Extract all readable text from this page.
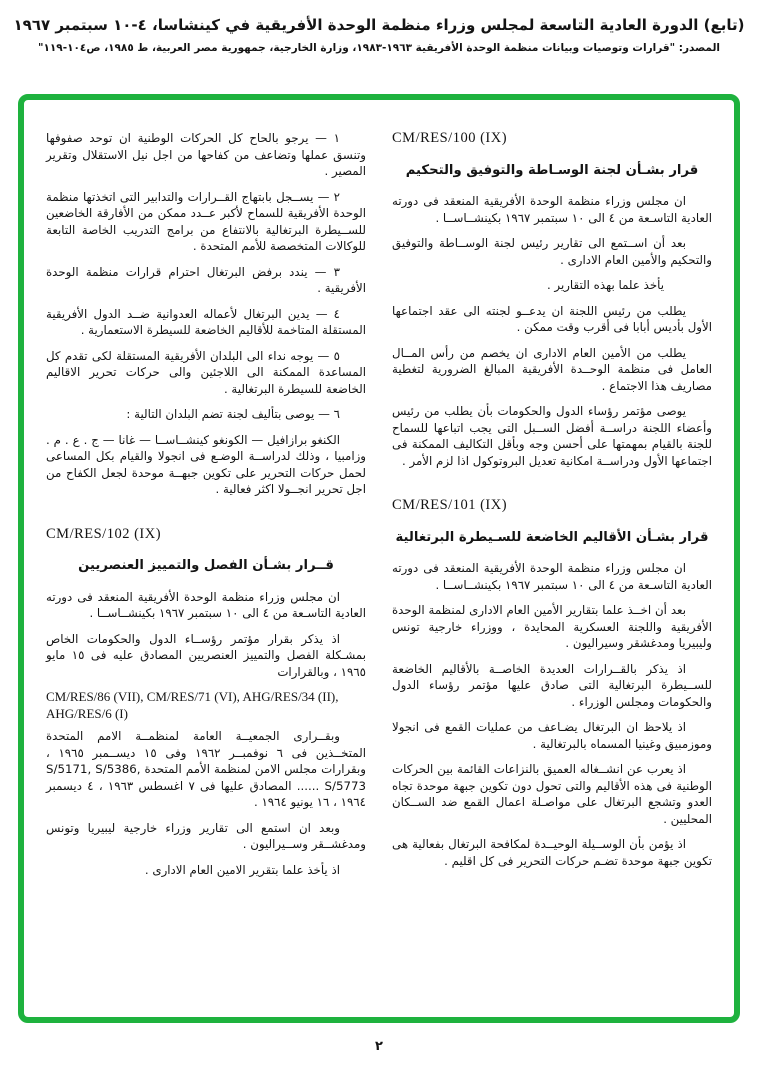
(تابع) الدورة العادية التاسعة لمجلس وزراء منظمة الوحدة الأفريقية في كينشاسا، ٤-١٠ سبتمبر ١٩٦٧
المصدر: "قرارات وتوصيات وبيانات منظمة الوحدة الأفريقية ١٩٦٣-١٩٨٣، وزارة الخارجية، جمهورية مصر العربية، ط ١٩٨٥، ص١٠٤-١١٩"
CM/RES/100 (IX)
قرار بشـأن لجنة الوسـاطة والتوفيق والتحكيم

ان مجلس وزراء منظمة الوحدة الأفريقية المنعقد فى دورته العادية التاسـعة من ٤ الى ١٠ سبتمبر ١٩٦٧ بكينشــاســا .

بعد أن اســتمع الى تقارير رئيس لجنة الوســاطة والتوفيق والتحكيم والأمين العام الادارى .

يأخذ علما بهذه التقارير .

يطلب من رئيس اللجنة ان يدعــو لجنته الى عقد اجتماعها الأول بأديس أبابا فى أقرب وقت ممكن .

يطلب من الأمين العام الادارى ان يخصم من رأس المــال العامل فى منظمة الوحــدة الأفريقية المبالغ الضرورية لتغطية مصاريف هذا الاجتماع .

يوصى مؤتمر رؤساء الدول والحكومات بأن يطلب من رئيس وأعضاء اللجنة دراســة أفضل الســبل التى يجب اتباعها للسماح للجنة بالقيام بمهمتها على أحسن وجه وبأقل التكاليف الممكنة فى اجتماعها الأول ودراســة امكانية تعديل البروتوكول اذا لزم الأمر .

CM/RES/101 (IX)
قرار بشـأن الأقاليم الخاضعة للسـيطرة البرتغالية

ان مجلس وزراء منظمة الوحدة الأفريقية المنعقد فى دورته العادية التاسـعة من ٤ الى ١٠ سبتمبر ١٩٦٧ بكينشــاســا .

بعد أن اخــذ علما بتقارير الأمين العام الادارى لمنظمة الوحدة الأفريقية واللجنة العسكرية المحايدة ، ووزراء خارجية تونس وليبيريا ومدغشقر وسيراليون .

اذ يذكر بالقــرارات العديدة الخاصــة بالأقاليم الخاضعة للســيطرة البرتغالية التى صادق عليها مؤتمر رؤساء الدول والحكومات ومجلس الوزراء .

اذ يلاحظ ان البرتغال يضـاعف من عمليات القمع فى انجولا وموزمبيق وغينيا المسماه بالبرتغالية .

اذ يعرب عن انشــغاله العميق بالنزاعات القائمة بين الحركات الوطنية فى هذه الأقاليم والتى تحول دون تكوين جبهة موحدة تجاه العدو وتشجع البرتغال على مواصـلة اعمال القمع ضد الســكان المحليين .

اذ يؤمن بأن الوســيلة الوحيــدة لمكافحة البرتغال بفعالية هى تكوين جبهة موحدة تضـم حركات التحرير فى كل اقليم .

١ — يرجو بالحاح كل الحركات الوطنية ان توحد صفوفها وتنسق عملها وتضاعف من كفاحها من اجل نيل الاستقلال وتقرير المصير .

٢ — يســجل بابتهاج القــرارات والتدابير التى اتخذتها منظمة الوحدة الأفريقية للسماح لأكبر عــدد ممكن من الأفارقة الخاضعين للســيطرة البرتغالية بالانتفاع من برامج التدريب الخاصة التابعة للوكالات المتخصصة للأمم المتحدة .

٣ — يندد برفض البرتغال احترام قرارات منظمة الوحدة الأفريقية .

٤ — يدين البرتغال لأعماله العدوانية ضــد الدول الأفريقية المستقلة المتاخمة للأقاليم الخاضعة للسيطرة الاستعمارية .

٥ — يوجه نداء الى البلدان الأفريقية المستقلة لكى تقدم كل المساعدة الممكنة الى اللاجئين والى حركات تحرير الاقاليم الخاضعة للسيطرة البرتغالية .

٦ — يوصى بتأليف لجنة تضم البلدان التالية :

الكنغو برازافيل — الكونغو كينشــاســا — غانا — ج . ع . م . وزامبيا ، وذلك لدراســة الوضـع فى انجولا والقيام بكل المساعى لحمل حركات التحرير على تكوين جبهــة موحدة لجعل الكفاح من اجل تحرير انجــولا اكثر فعالية .

CM/RES/102 (IX)
قــرار بشـأن الفصل والتمييز العنصريين

ان مجلس وزراء منظمة الوحدة الأفريقية المنعقد فى دورته العادية التاسـعة من ٤ الى ١٠ سبتمبر ١٩٦٧ بكينشــاســا .

اذ يذكر بقرار مؤتمر رؤســاء الدول والحكومات الخاص بمشـكلة الفصل والتمييز العنصريين المصادق عليه فى ١٥ مايو ١٩٦٥ ، وبالقرارات

CM/RES/86 (VII), CM/RES/71 (VI), AHG/RES/34 (II), AHG/RES/6 (I)

وبقــرارى الجمعيــة العامة لمنظمــة الامم المتحدة المتخــذين فى ٦ نوفمبــر ١٩٦٢ وفى ١٥ ديســمبر ١٩٦٥ ، وبقرارات مجلس الامن لمنظمة الأمم المتحدة S/5171, S/5386, S/5773 ...... المصادق عليها فى ٧ اغسطس ١٩٦٣ ، ٤ ديسمبر ١٩٦٤ ، ١٦ يونيو ١٩٦٤ .

وبعد ان استمع الى تقارير وزراء خارجية ليبيريا وتونس ومدغشــقر وســيراليون .

اذ يأخذ علما بتقرير الامين العام الادارى .

٢
